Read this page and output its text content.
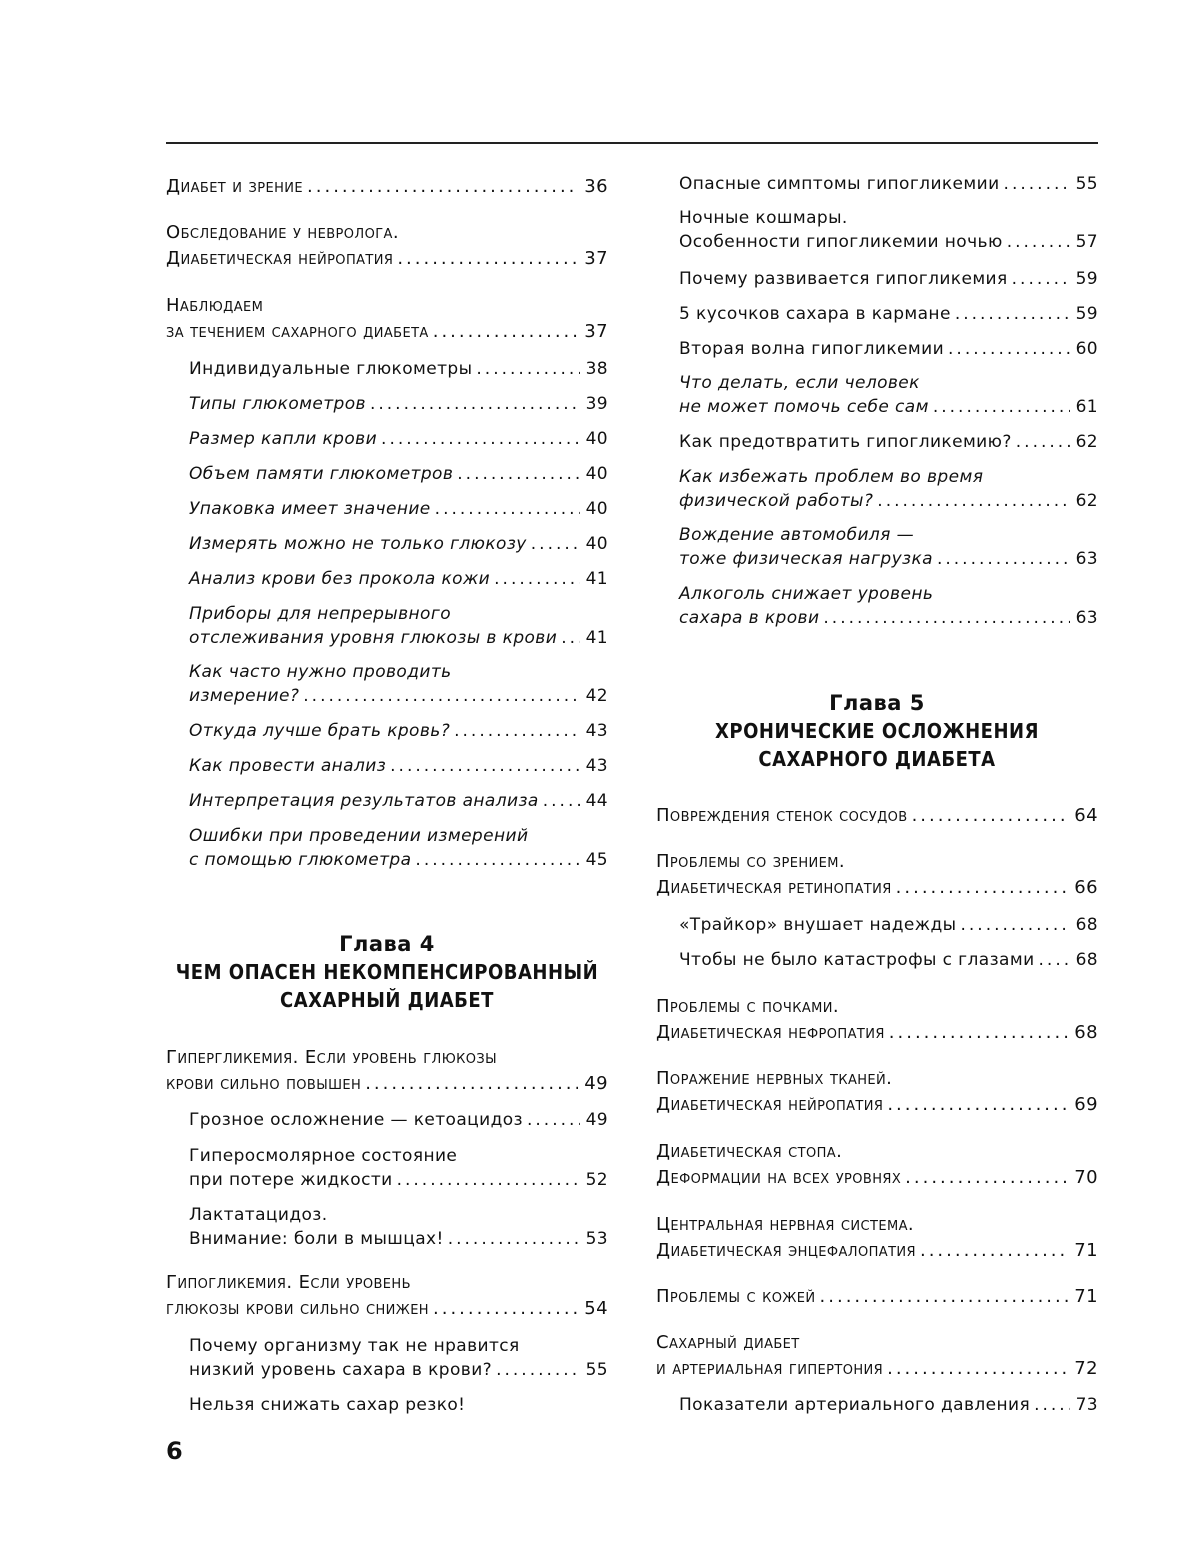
Глава 4
ЧЕМ ОПАСЕН НЕКОМПЕНСИРОВАННЫЙ
САХАРНЫЙ ДИАБЕТ
Диабет и зрение .....	36
Обследование у невролога.
Диабетическая нейропатия .....	37
Наблюдаем
за течением сахарного диабета .....	37
Индивидуальные глюкометры .....	38
Типы глюкометров .....	39
Размер капли крови .....	40
Объем памяти глюкометров .....	40
Упаковка имеет значение .....	40
Измерять можно не только глюкозу .....	40
Анализ крови без прокола кожи .....	41
Приборы для непрерывного
отслеживания уровня глюкозы в крови ..... 41
Как часто нужно проводить
измерение? .....	42
Откуда лучше брать кровь? .....	43
Как провести анализ .....	43
Интерпретация результатов анализа .....	44
Ошибки при проведении измерений
с помощью глюкометра .....	45
Гипергликемия. Если уровень глюкозы
крови сильно повышен .....	49
Грозное осложнение — кетоацидоз .....	49
Гиперосмолярное состояние
при потере жидкости .....	52
Лактатацидоз.
Внимание: боли в мышцах! .....	53
Гипогликемия. Если уровень
глюкозы крови сильно снижен .....	54
Почему организму так не нравится
низкий уровень сахара в крови? .....	55
Нельзя снижать сахар резко!
Глава 5
ХРОНИЧЕСКИЕ ОСЛОЖНЕНИЯ
САХАРНОГО ДИАБЕТА
Опасные симптомы гипогликемии .....	55
Ночные кошмары.
Особенности гипогликемии ночью .....	57
Почему развивается гипогликемия .....	59
5 кусочков сахара в кармане .....	59
Вторая волна гипогликемии .....	60
Что делать, если человек
не может помочь себе сам .....	61
Как предотвратить гипогликемию? .....	62
Как избежать проблем во время
физической работы? .....	62
Вождение автомобиля —
тоже физическая нагрузка .....	63
Алкоголь снижает уровень
сахара в крови .....	63
Повреждения стенок сосудов .....	64
Проблемы со зрением.
Диабетическая ретинопатия .....	66
«Трайкор» внушает надежды .....	68
Чтобы не было катастрофы с глазами ..... 68
Проблемы с почками.
Диабетическая нефропатия .....	68
Поражение нервных тканей.
Диабетическая нейропатия .....	69
Диабетическая стопа.
Деформации на всех уровнях .....	70
Центральная нервная система.
Диабетическая энцефалопатия .....	71
Проблемы с кожей .....	71
Сахарный диабет
и артериальная гипертония .....	72
Показатели артериального давления .....	73
6
